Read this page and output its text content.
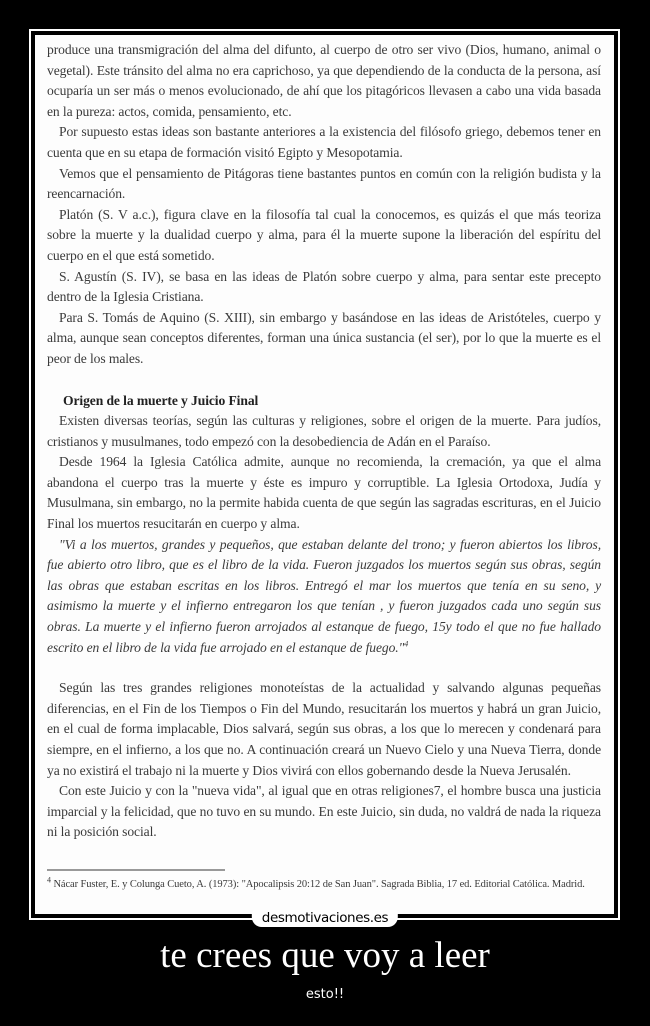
produce una transmigración del alma del difunto, al cuerpo de otro ser vivo (Dios, humano, animal o vegetal). Este tránsito del alma no era caprichoso, ya que dependiendo de la conducta de la persona, así ocuparía un ser más o menos evolucionado, de ahí que los pitagóricos llevasen a cabo una vida basada en la pureza: actos, comida, pensamiento, etc.

Por supuesto estas ideas son bastante anteriores a la existencia del filósofo griego, debemos tener en cuenta que en su etapa de formación visitó Egipto y Mesopotamia.

Vemos que el pensamiento de Pitágoras tiene bastantes puntos en común con la religión budista y la reencarnación.

Platón (S. V a.c.), figura clave en la filosofía tal cual la conocemos, es quizás el que más teoriza sobre la muerte y la dualidad cuerpo y alma, para él la muerte supone la liberación del espíritu del cuerpo en el que está sometido.

S. Agustín (S. IV), se basa en las ideas de Platón sobre cuerpo y alma, para sentar este precepto dentro de la Iglesia Cristiana.

Para S. Tomás de Aquino (S. XIII), sin embargo y basándose en las ideas de Aristóteles, cuerpo y alma, aunque sean conceptos diferentes, forman una única sustancia (el ser), por lo que la muerte es el peor de los males.

Origen de la muerte y Juicio Final

Existen diversas teorías, según las culturas y religiones, sobre el origen de la muerte. Para judíos, cristianos y musulmanes, todo empezó con la desobediencia de Adán en el Paraíso.

Desde 1964 la Iglesia Católica admite, aunque no recomienda, la cremación, ya que el alma abandona el cuerpo tras la muerte y éste es impuro y corruptible. La Iglesia Ortodoxa, Judía y Musulmana, sin embargo, no la permite habida cuenta de que según las sagradas escrituras, en el Juicio Final los muertos resucitarán en cuerpo y alma.

"Vi a los muertos, grandes y pequeños, que estaban delante del trono; y fueron abiertos los libros, fue abierto otro libro, que es el libro de la vida. Fueron juzgados los muertos según sus obras, según las obras que estaban escritas en los libros. Entregó el mar los muertos que tenía en su seno, y asimismo la muerte y el infierno entregaron los que tenían , y fueron juzgados cada uno según sus obras. La muerte y el infierno fueron arrojados al estanque de fuego, 15y todo el que no fue hallado escrito en el libro de la vida fue arrojado en el estanque de fuego."$^4$

Según las tres grandes religiones monoteístas de la actualidad y salvando algunas pequeñas diferencias, en el Fin de los Tiempos o Fin del Mundo, resucitarán los muertos y habrá un gran Juicio, en el cual de forma implacable, Dios salvará, según sus obras, a los que lo merecen y condenará para siempre, en el infierno, a los que no. A continuación creará un Nuevo Cielo y una Nueva Tierra, donde ya no existirá el trabajo ni la muerte y Dios vivirá con ellos gobernando desde la Nueva Jerusalén.

Con este Juicio y con la "nueva vida", al igual que en otras religiones7, el hombre busca una justicia imparcial y la felicidad, que no tuvo en su mundo. En este Juicio, sin duda, no valdrá de nada la riqueza ni la posición social.

$^4$ Nácar Fuster, E. y Colunga Cueto, A. (1973): "Apocalipsis 20:12 de San Juan". Sagrada Biblia, 17 ed. Editorial Católica. Madrid.

desmotivaciones.es
te crees que voy a leer
esto!!
